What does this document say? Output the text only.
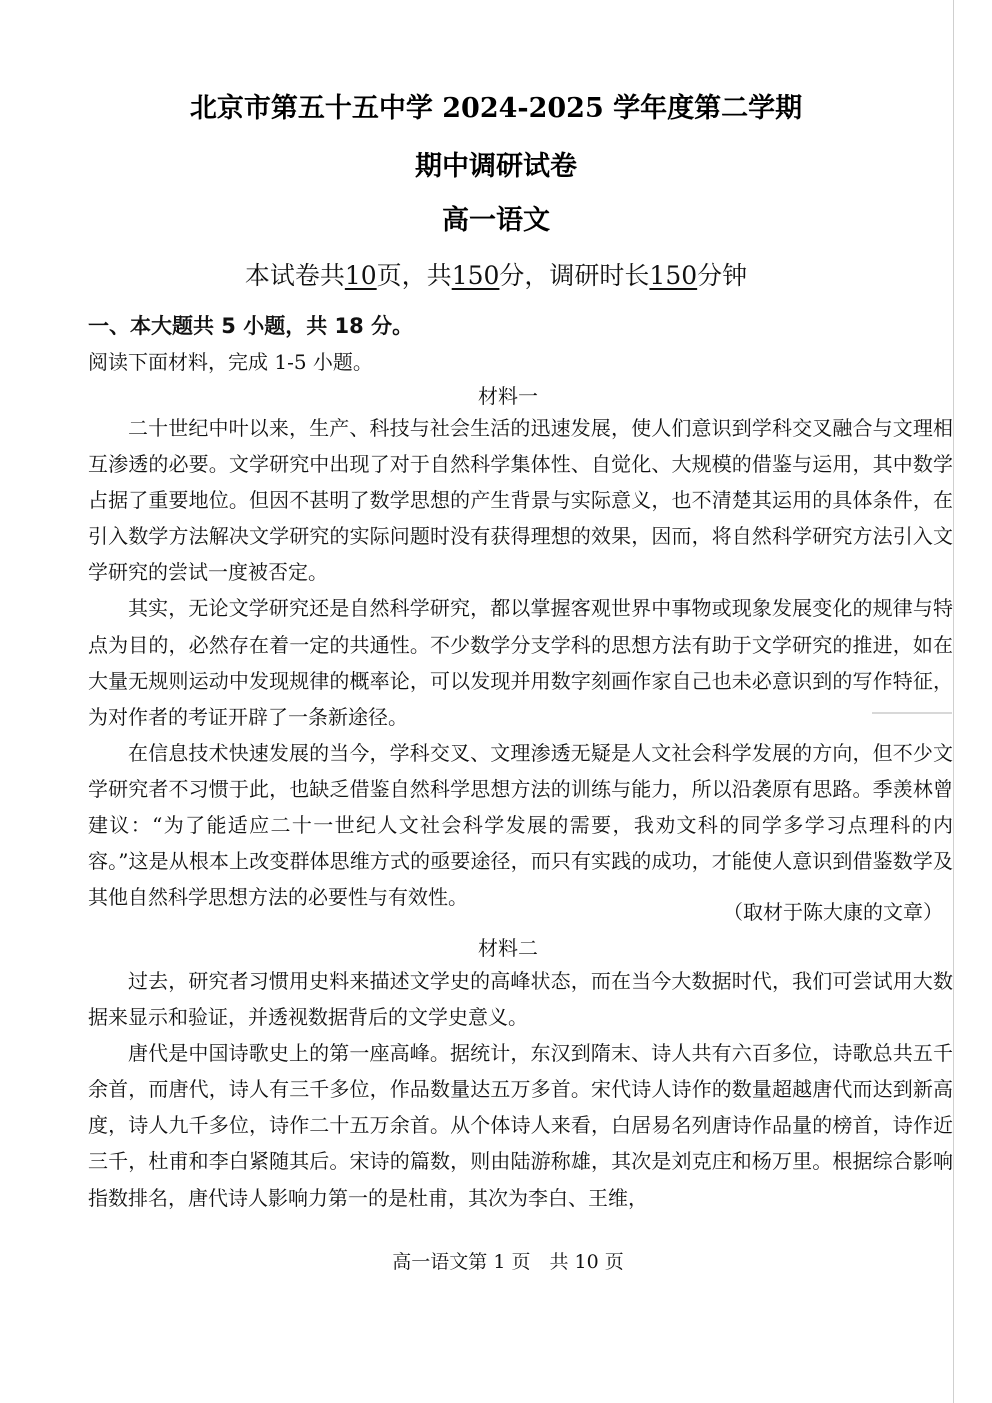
北京市第五十五中学 2024-2025 学年度第二学期
期中调研试卷
高一语文
本试卷共10页，共150分，调研时长150分钟
一、本大题共 5 小题，共 18 分。
阅读下面材料，完成 1-5 小题。
材料一

二十世纪中叶以来，生产、科技与社会生活的迅速发展，使人们意识到学科交叉融合与文理相互渗透的必要。文学研究中出现了对于自然科学集体性、自觉化、大规模的借鉴与运用，其中数学占据了重要地位。但因不甚明了数学思想的产生背景与实际意义，也不清楚其运用的具体条件，在引入数学方法解决文学研究的实际问题时没有获得理想的效果，因而，将自然科学研究方法引入文学研究的尝试一度被否定。

其实，无论文学研究还是自然科学研究，都以掌握客观世界中事物或现象发展变化的规律与特点为目的，必然存在着一定的共通性。不少数学分支学科的思想方法有助于文学研究的推进，如在大量无规则运动中发现规律的概率论，可以发现并用数字刻画作家自己也未必意识到的写作特征，为对作者的考证开辟了一条新途径。

在信息技术快速发展的当今，学科交叉、文理渗透无疑是人文社会科学发展的方向，但不少文学研究者不习惯于此，也缺乏借鉴自然科学思想方法的训练与能力，所以沿袭原有思路。季羡林曾建议：“为了能适应二十一世纪人文社会科学发展的需要，我劝文科的同学多学习点理科的内容。”这是从根本上改变群体思维方式的亟要途径，而只有实践的成功，才能使人意识到借鉴数学及其他自然科学思想方法的必要性与有效性。

（取材于陈大康的文章）
材料二

过去，研究者习惯用史料来描述文学史的高峰状态，而在当今大数据时代，我们可尝试用大数据来显示和验证，并透视数据背后的文学史意义。

唐代是中国诗歌史上的第一座高峰。据统计，东汉到隋末、诗人共有六百多位，诗歌总共五千余首，而唐代，诗人有三千多位，作品数量达五万多首。宋代诗人诗作的数量超越唐代而达到新高度，诗人九千多位，诗作二十五万余首。从个体诗人来看，白居易名列唐诗作品量的榜首，诗作近三千，杜甫和李白紧随其后。宋诗的篇数，则由陆游称雄，其次是刘克庄和杨万里。根据综合影响指数排名，唐代诗人影响力第一的是杜甫，其次为李白、王维，

高一语文第 1 页　共 10 页
